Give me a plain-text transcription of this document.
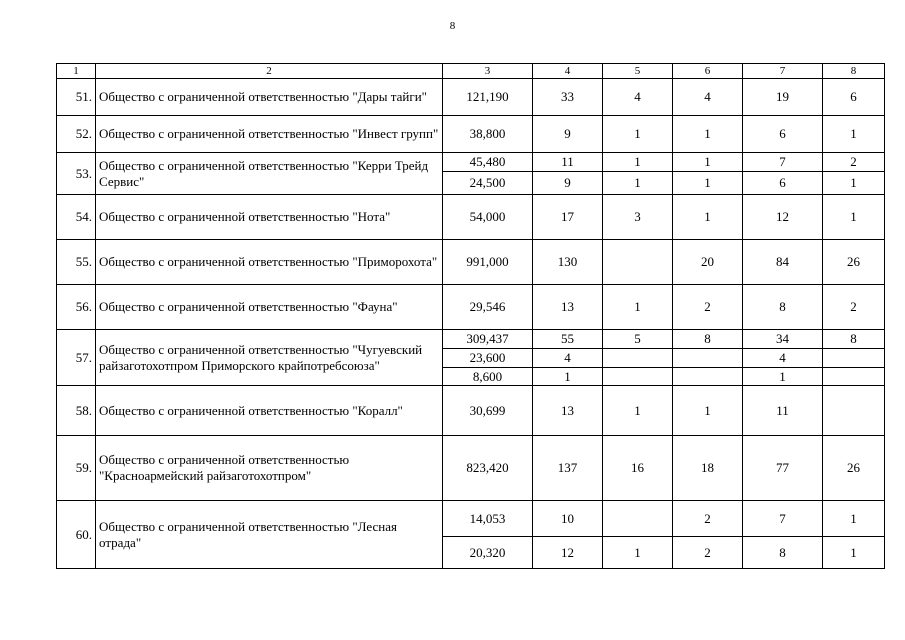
8
1	2	3	4	5	6	7	8
51.	Общество с ограниченной ответственностью "Дары тайги"	121,190	33	4	4	19	6
52.	Общество с ограниченной ответственностью "Инвест групп"	38,800	9	1	1	6	1
53.	Общество с ограниченной ответственностью "Керри Трейд Сервис"	45,480	11	1	1	7	2
		24,500	9	1	1	6	1
54.	Общество с ограниченной ответственностью "Нота"	54,000	17	3	1	12	1
55.	Общество с ограниченной ответственностью "Приморохота"	991,000	130		20	84	26
56.	Общество с ограниченной ответственностью "Фауна"	29,546	13	1	2	8	2
57.	Общество с ограниченной ответственностью "Чугуевский райзаготохотпром Приморского крайпотребсоюза"	309,437	55	5	8	34	8
		23,600	4			4	
		8,600	1			1	
58.	Общество с ограниченной ответственностью "Коралл"	30,699	13	1	1	11	
59.	Общество с ограниченной ответственностью "Красноармейский райзаготохотпром"	823,420	137	16	18	77	26
60.	Общество с ограниченной ответственностью "Лесная отрада"	14,053	10		2	7	1
		20,320	12	1	2	8	1
